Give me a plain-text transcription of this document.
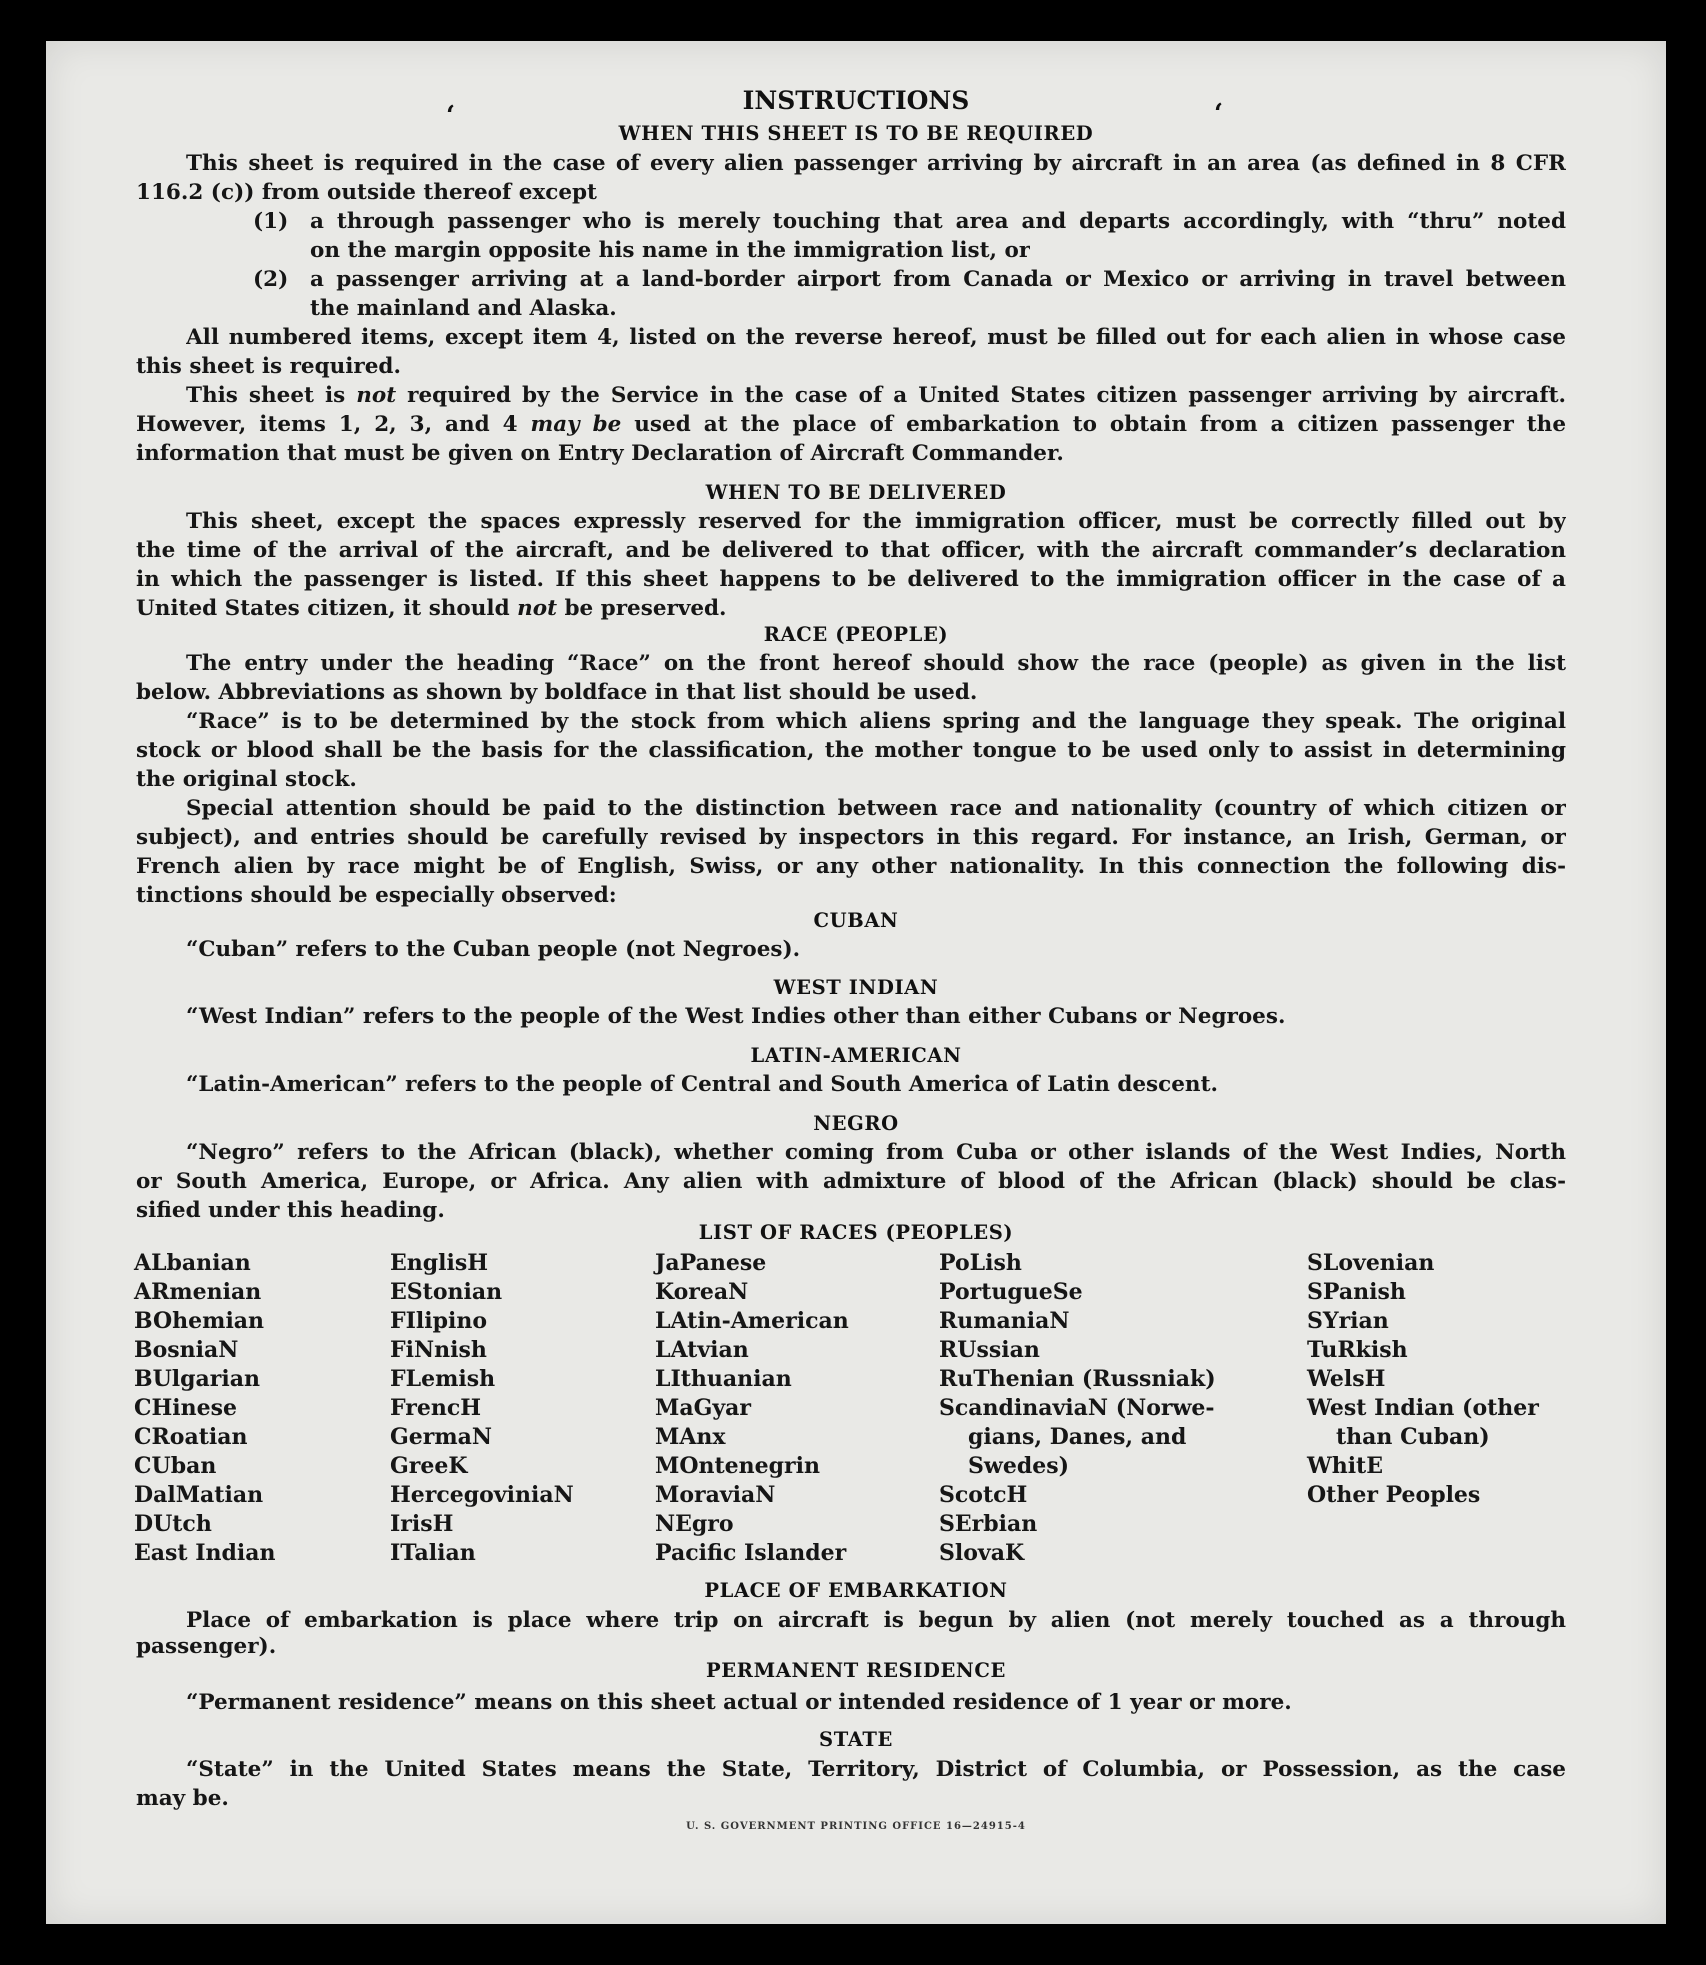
ʻ	ʻ
INSTRUCTIONS
WHEN THIS SHEET IS TO BE REQUIRED
This sheet is required in the case of every alien passenger arriving by aircraft in an area (as defined in 8 CFR
116.2 (c)) from outside thereof except
(1) a through passenger who is merely touching that area and departs accordingly, with “thru” noted
on the margin opposite his name in the immigration list, or
(2) a passenger arriving at a land-border airport from Canada or Mexico or arriving in travel between
the mainland and Alaska.
All numbered items, except item 4, listed on the reverse hereof, must be filled out for each alien in whose case
this sheet is required.
This sheet is not required by the Service in the case of a United States citizen passenger arriving by aircraft.
However, items 1, 2, 3, and 4 may be used at the place of embarkation to obtain from a citizen passenger the
information that must be given on Entry Declaration of Aircraft Commander.
WHEN TO BE DELIVERED
This sheet, except the spaces expressly reserved for the immigration officer, must be correctly filled out by
the time of the arrival of the aircraft, and be delivered to that officer, with the aircraft commander’s declaration
in which the passenger is listed. If this sheet happens to be delivered to the immigration officer in the case of a
United States citizen, it should not be preserved.
RACE (PEOPLE)
The entry under the heading “Race” on the front hereof should show the race (people) as given in the list
below. Abbreviations as shown by boldface in that list should be used.
“Race” is to be determined by the stock from which aliens spring and the language they speak. The original
stock or blood shall be the basis for the classification, the mother tongue to be used only to assist in determining
the original stock.
Special attention should be paid to the distinction between race and nationality (country of which citizen or
subject), and entries should be carefully revised by inspectors in this regard. For instance, an Irish, German, or
French alien by race might be of English, Swiss, or any other nationality. In this connection the following dis-
tinctions should be especially observed:
CUBAN
“Cuban” refers to the Cuban people (not Negroes).
WEST INDIAN
“West Indian” refers to the people of the West Indies other than either Cubans or Negroes.
LATIN-AMERICAN
“Latin-American” refers to the people of Central and South America of Latin descent.
NEGRO
“Negro” refers to the African (black), whether coming from Cuba or other islands of the West Indies, North
or South America, Europe, or Africa. Any alien with admixture of blood of the African (black) should be clas-
sified under this heading.
LIST OF RACES (PEOPLES)
ALbanian
ARmenian
BOhemian
BosniaN
BUlgarian
CHinese
CRoatian
CUban
DalMatian
DUtch
East Indian
EnglisH
EStonian
FIlipino
FiNnish
FLemish
FrencH
GermaN
GreeK
HercegoviniaN
IrisH
ITalian
JaPanese
KoreaN
LAtin-American
LAtvian
LIthuanian
MaGyar
MAnx
MOntenegrin
MoraviaN
NEgro
Pacific Islander
PoLish
PortugueSe
RumaniaN
RUssian
RuThenian (Russniak)
ScandinaviaN (Norwe-
gians, Danes, and
Swedes)
ScotcH
SErbian
SlovaK
SLovenian
SPanish
SYrian
TuRkish
WelsH
West Indian (other
than Cuban)
WhitE
Other Peoples
PLACE OF EMBARKATION
Place of embarkation is place where trip on aircraft is begun by alien (not merely touched as a through
passenger).
PERMANENT RESIDENCE
“Permanent residence” means on this sheet actual or intended residence of 1 year or more.
STATE
“State” in the United States means the State, Territory, District of Columbia, or Possession, as the case
may be.
U. S. GOVERNMENT PRINTING OFFICE 16—24915-4
